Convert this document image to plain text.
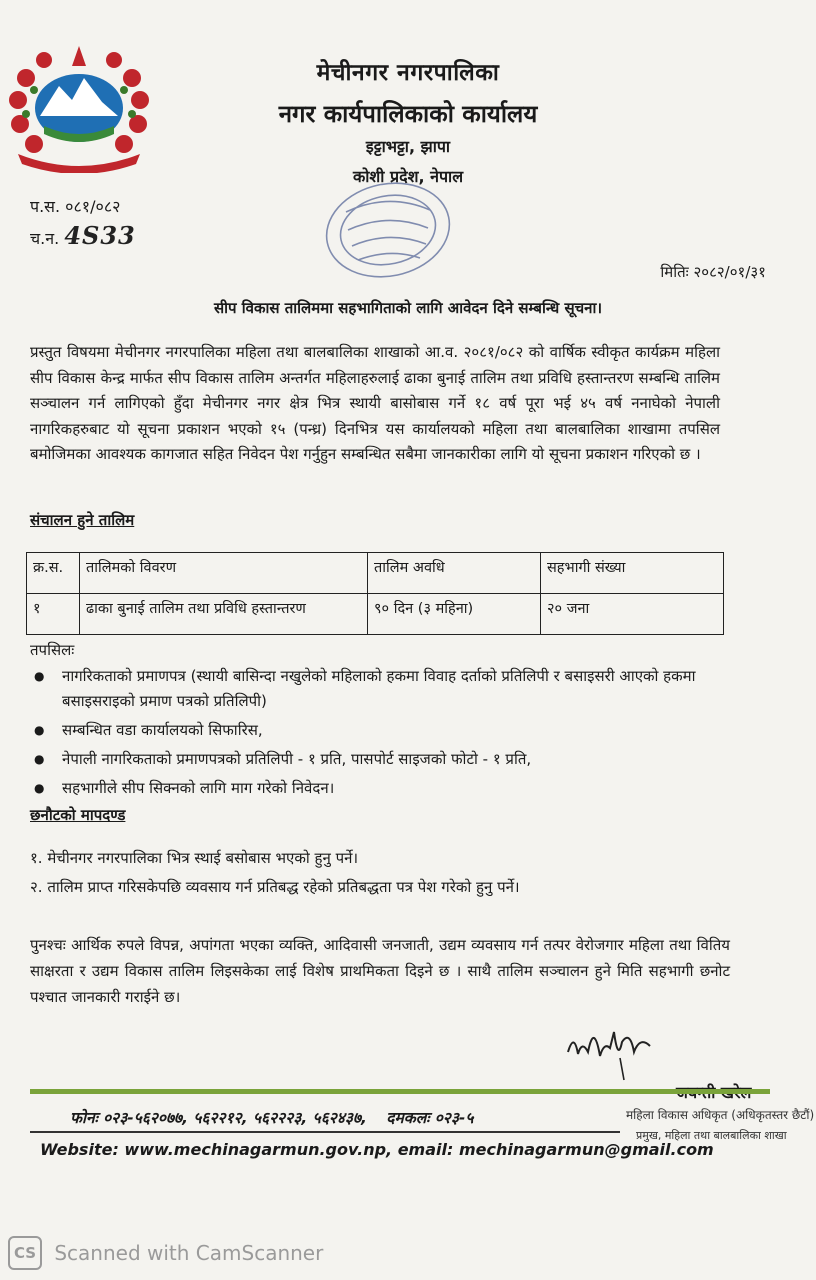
मेचीनगर नगरपालिका
नगर कार्यपालिकाको कार्यालय
इट्टाभट्टा, झापा
कोशी प्रदेश, नेपाल
प.स. ०८१/०८२
च.न. 4S33
मितिः २०८२/०१/३१
सीप विकास तालिममा सहभागिताको लागि आवेदन दिने सम्बन्धि सूचना।
प्रस्तुत विषयमा मेचीनगर नगरपालिका महिला तथा बालबालिका शाखाको आ.व. २०८१/०८२ को वार्षिक स्वीकृत कार्यक्रम महिला सीप विकास केन्द्र मार्फत सीप विकास तालिम अन्तर्गत महिलाहरुलाई ढाका बुनाई तालिम तथा प्रविधि हस्तान्तरण सम्बन्धि तालिम सञ्चालन गर्न लागिएको हुँदा मेचीनगर नगर क्षेत्र भित्र स्थायी बासोबास गर्ने १८ वर्ष पूरा भई ४५ वर्ष ननाघेको नेपाली नागरिकहरुबाट यो सूचना प्रकाशन भएको १५ (पन्ध्र) दिनभित्र यस कार्यालयको महिला तथा बालबालिका शाखामा तपसिल बमोजिमका आवश्यक कागजात सहित निवेदन पेश गर्नुहुन सम्बन्धित सबैमा जानकारीका लागि यो सूचना प्रकाशन गरिएको छ ।
संचालन हुने तालिम
क्र.स.	तालिमको विवरण	तालिम अवधि	सहभागी संख्या
१	ढाका बुनाई तालिम तथा प्रविधि हस्तान्तरण	९० दिन (३ महिना)	२० जना
तपसिलः
● नागरिकताको प्रमाणपत्र (स्थायी बासिन्दा नखुलेको महिलाको हकमा विवाह दर्ताको प्रतिलिपी र बसाइसरी आएको हकमा बसाइसराइको प्रमाण पत्रको प्रतिलिपी)
● सम्बन्धित वडा कार्यालयको सिफारिस,
● नेपाली नागरिकताको प्रमाणपत्रको प्रतिलिपी - १ प्रति, पासपोर्ट साइजको फोटो - १ प्रति,
● सहभागीले सीप सिक्नको लागि माग गरेको निवेदन।
छनौटको मापदण्ड
१. मेचीनगर नगरपालिका भित्र स्थाई बसोबास भएको हुनु पर्ने।
२. तालिम प्राप्त गरिसकेपछि व्यवसाय गर्न प्रतिबद्ध रहेको प्रतिबद्धता पत्र पेश गरेको हुनु पर्ने।
पुनश्चः आर्थिक रुपले विपन्न, अपांगता भएका व्यक्ति, आदिवासी जनजाती, उद्यम व्यवसाय गर्न तत्पर वेरोजगार महिला तथा वितिय साक्षरता र उद्यम विकास तालिम लिइसकेका लाई विशेष प्राथमिकता दिइने छ । साथै तालिम सञ्चालन हुने मिति सहभागी छनोट पश्चात जानकारी गराईने छ।
फोनः ०२३-५६२०७७, ५६२२१२, ५६२२२३, ५६२४३७, दमकलः ०२३-५	महिला विकास अधिकृत (अधिकृतस्तर छैटौं)
प्रमुख, महिला तथा बालबालिका शाखा
Website: www.mechinagarmun.gov.np, email: mechinagarmun@gmail.com
CS Scanned with CamScanner
